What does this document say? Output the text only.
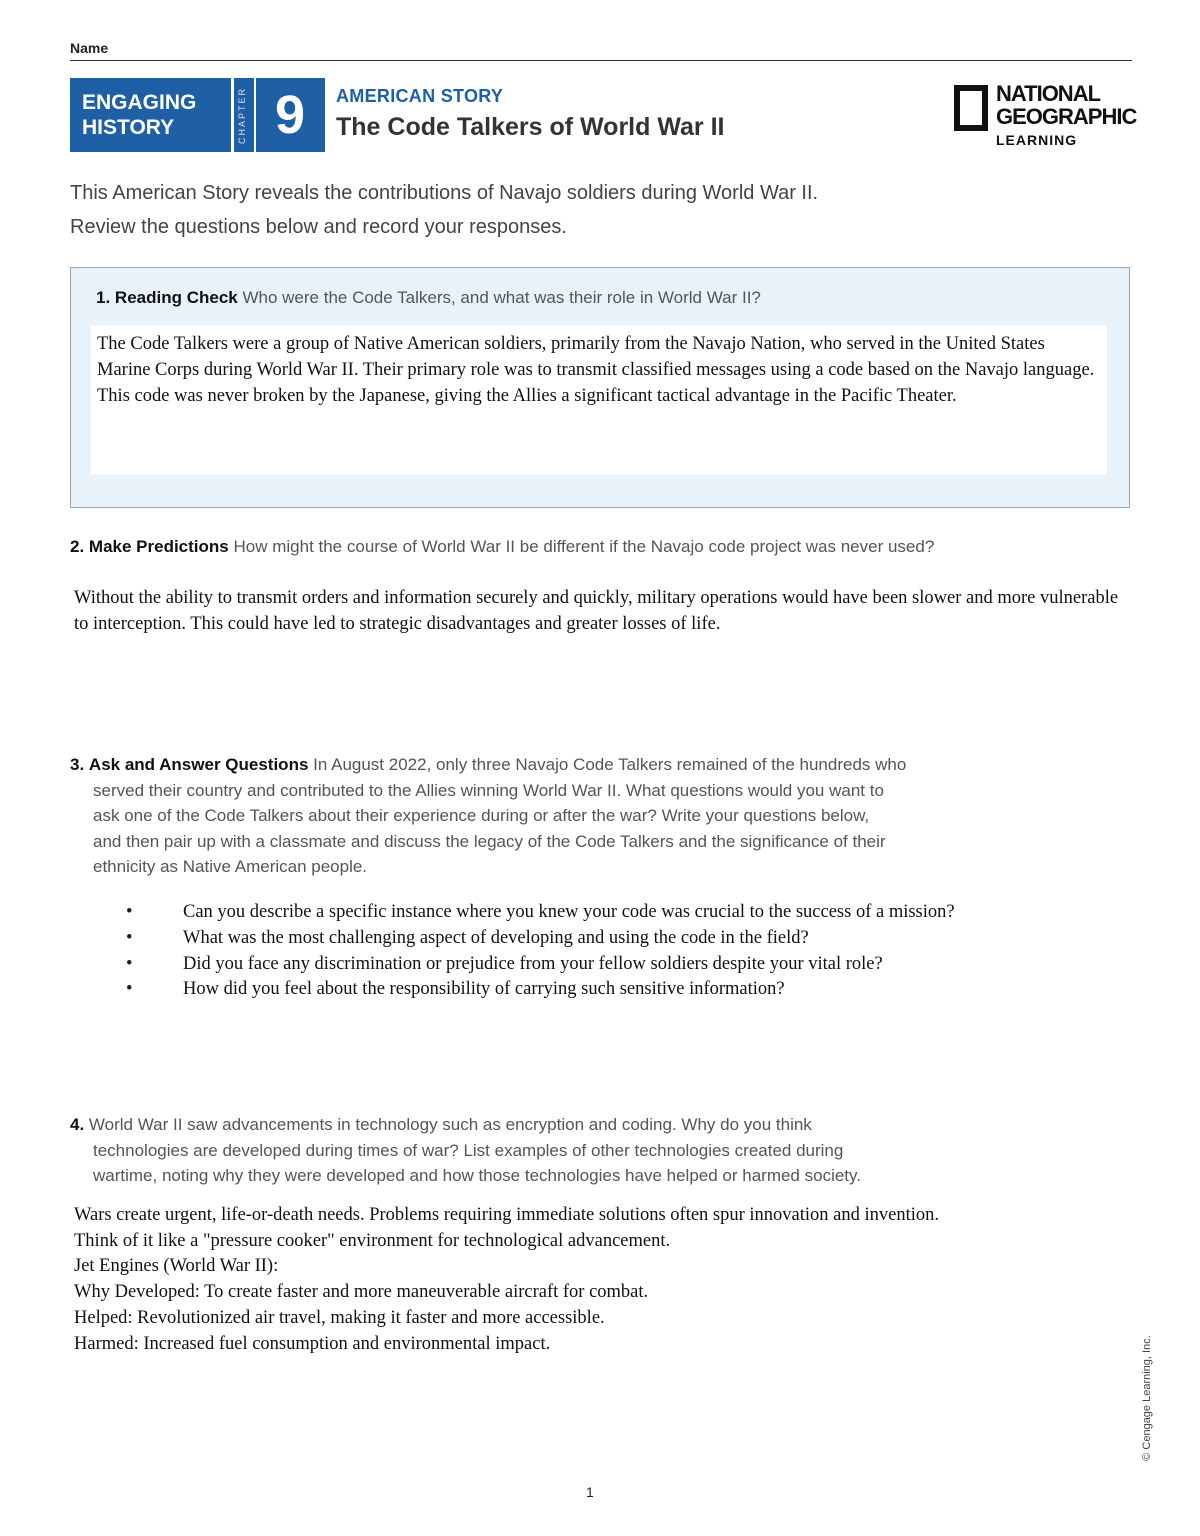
Name
ENGAGING
HISTORY	CHAPTER 9	AMERICAN STORY
The Code Talkers of World War II
NATIONAL
GEOGRAPHIC
LEARNING
This American Story reveals the contributions of Navajo soldiers during World War II.
Review the questions below and record your responses.
1. Reading Check Who were the Code Talkers, and what was their role in World War II?
The Code Talkers were a group of Native American soldiers, primarily from the Navajo Nation, who served in the United States Marine Corps during World War II. Their primary role was to transmit classified messages using a code based on the Navajo language. This code was never broken by the Japanese, giving the Allies a significant tactical advantage in the Pacific Theater.
2. Make Predictions How might the course of World War II be different if the Navajo code project was never used?
Without the ability to transmit orders and information securely and quickly, military operations would have been slower and more vulnerable to interception. This could have led to strategic disadvantages and greater losses of life.
3. Ask and Answer Questions In August 2022, only three Navajo Code Talkers remained of the hundreds who
served their country and contributed to the Allies winning World War II. What questions would you want to
ask one of the Code Talkers about their experience during or after the war? Write your questions below,
and then pair up with a classmate and discuss the legacy of the Code Talkers and the significance of their
ethnicity as Native American people.
•	Can you describe a specific instance where you knew your code was crucial to the success of a mission?
•	What was the most challenging aspect of developing and using the code in the field?
•	Did you face any discrimination or prejudice from your fellow soldiers despite your vital role?
•	How did you feel about the responsibility of carrying such sensitive information?
4. World War II saw advancements in technology such as encryption and coding. Why do you think
technologies are developed during times of war? List examples of other technologies created during
wartime, noting why they were developed and how those technologies have helped or harmed society.
Wars create urgent, life-or-death needs. Problems requiring immediate solutions often spur innovation and invention.
Think of it like a "pressure cooker" environment for technological advancement.
Jet Engines (World War II):
Why Developed: To create faster and more maneuverable aircraft for combat.
Helped: Revolutionized air travel, making it faster and more accessible.
Harmed: Increased fuel consumption and environmental impact.
1
© Cengage Learning, Inc.
